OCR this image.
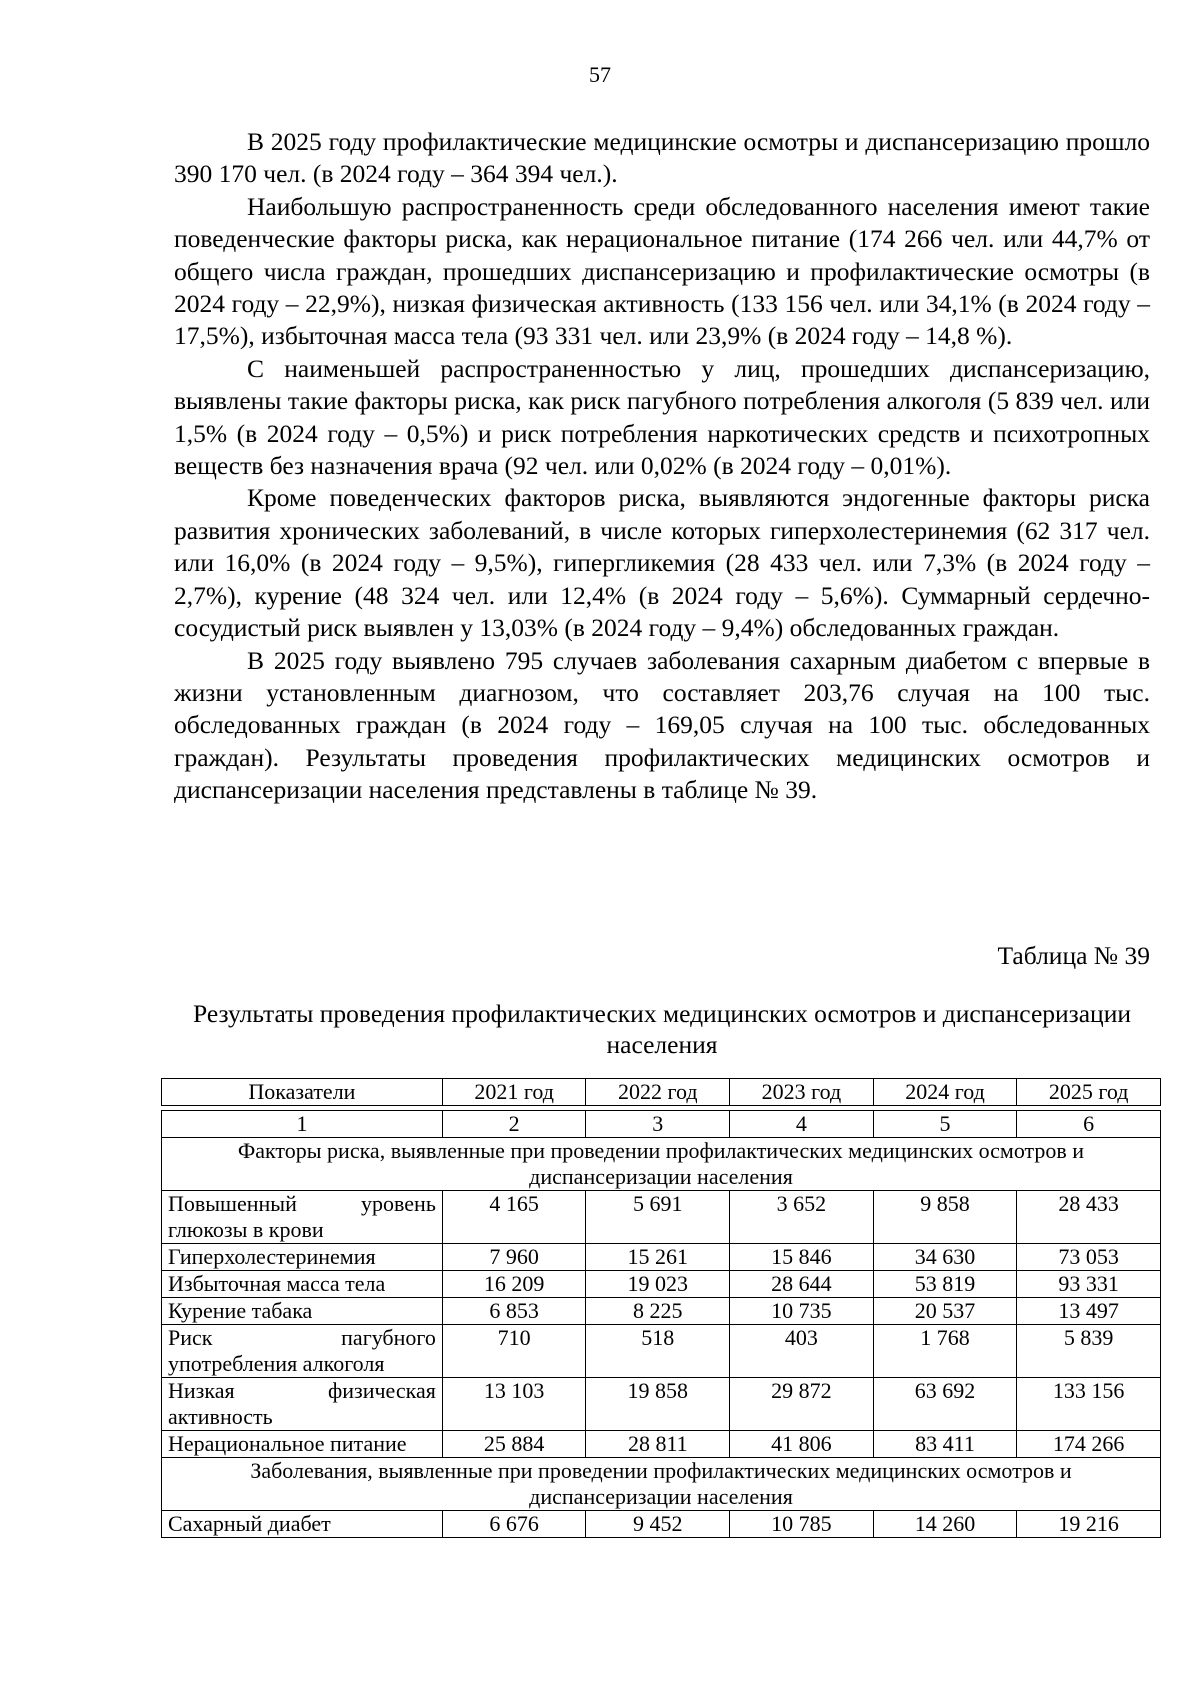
57

В 2025 году профилактические медицинские осмотры и диспансеризацию прошло 390 170 чел. (в 2024 году – 364 394 чел.).

Наибольшую распространенность среди обследованного населения имеют такие поведенческие факторы риска, как нерациональное питание (174 266 чел. или 44,7% от общего числа граждан, прошедших диспансеризацию и профилактические осмотры (в 2024 году – 22,9%), низкая физическая активность (133 156 чел. или 34,1% (в 2024 году – 17,5%), избыточная масса тела (93 331 чел. или 23,9% (в 2024 году – 14,8 %).

С наименьшей распространенностью у лиц, прошедших диспансеризацию, выявлены такие факторы риска, как риск пагубного потребления алкоголя (5 839 чел. или 1,5% (в 2024 году – 0,5%) и риск потребления наркотических средств и психотропных веществ без назначения врача (92 чел. или 0,02% (в 2024 году – 0,01%).

Кроме поведенческих факторов риска, выявляются эндогенные факторы риска развития хронических заболеваний, в числе которых гиперхолестеринемия (62 317 чел. или 16,0% (в 2024 году – 9,5%), гипергликемия (28 433 чел. или 7,3% (в 2024 году – 2,7%), курение (48 324 чел. или 12,4% (в 2024 году – 5,6%). Суммарный сердечно-сосудистый риск выявлен у 13,03% (в 2024 году – 9,4%) обследованных граждан.

В 2025 году выявлено 795 случаев заболевания сахарным диабетом с впервые в жизни установленным диагнозом, что составляет 203,76 случая на 100 тыс. обследованных граждан (в 2024 году – 169,05 случая на 100 тыс. обследованных граждан). Результаты проведения профилактических медицинских осмотров и диспансеризации населения представлены в таблице № 39.

Таблица № 39
Результаты проведения профилактических медицинских осмотров и диспансеризации населения
Показатели	2021 год	2022 год	2023 год	2024 год	2025 год

1	2	3	4	5	6
Факторы риска, выявленные при проведении профилактических медицинских осмотров и диспансеризации населения					
Повышенный уровень глюкозы в крови	4 165	5 691	3 652	9 858	28 433
Гиперхолестеринемия	7 960	15 261	15 846	34 630	73 053
Избыточная масса тела	16 209	19 023	28 644	53 819	93 331
Курение табака	6 853	8 225	10 735	20 537	13 497
Риск пагубного употребления алкоголя	710	518	403	1 768	5 839
Низкая физическая активность	13 103	19 858	29 872	63 692	133 156
Нерациональное питание	25 884	28 811	41 806	83 411	174 266
Заболевания, выявленные при проведении профилактических медицинских осмотров и диспансеризации населения					
Сахарный диабет	6 676	9 452	10 785	14 260	19 216
